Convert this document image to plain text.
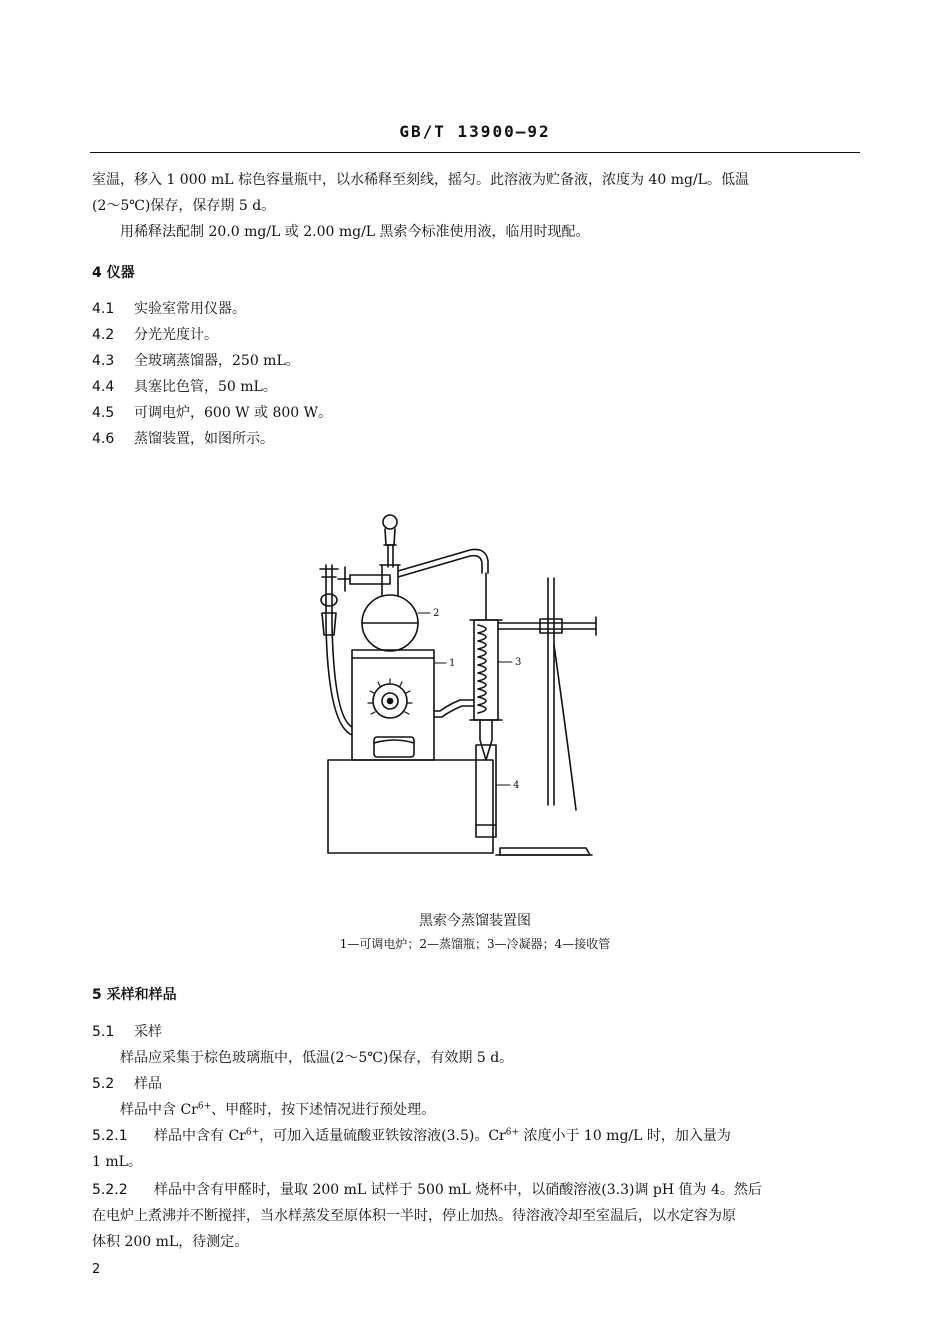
GB/T 13900—92
室温，移入 1 000 mL 棕色容量瓶中，以水稀释至刻线，摇匀。此溶液为贮备液，浓度为 40 mg/L。低温
(2～5℃)保存，保存期 5 d。
用稀释法配制 20.0 mg/L 或 2.00 mg/L 黑索今标准使用液，临用时现配。
4 仪器
4.1 实验室常用仪器。
4.2 分光光度计。
4.3 全玻璃蒸馏器，250 mL。
4.4 具塞比色管，50 mL。
4.5 可调电炉，600 W 或 800 W。
4.6 蒸馏装置，如图所示。
2
1	3
4
黑索今蒸馏装置图
1—可调电炉；2—蒸馏瓶；3—冷凝器；4—接收管
5 采样和样品
5.1 采样
样品应采集于棕色玻璃瓶中，低温(2～5℃)保存，有效期 5 d。
5.2 样品
样品中含 $Cr^{6+}$、甲醛时，按下述情况进行预处理。
5.2.1 样品中含有 $Cr^{6+}$，可加入适量硫酸亚铁铵溶液(3.5)。$Cr^{6+}$ 浓度小于 10 mg/L 时，加入量为
1 mL。
5.2.2 样品中含有甲醛时，量取 200 mL 试样于 500 mL 烧杯中，以硝酸溶液(3.3)调 pH 值为 4。然后
在电炉上煮沸并不断搅拌，当水样蒸发至原体积一半时，停止加热。待溶液冷却至室温后，以水定容为原
体积 200 mL，待测定。
2
